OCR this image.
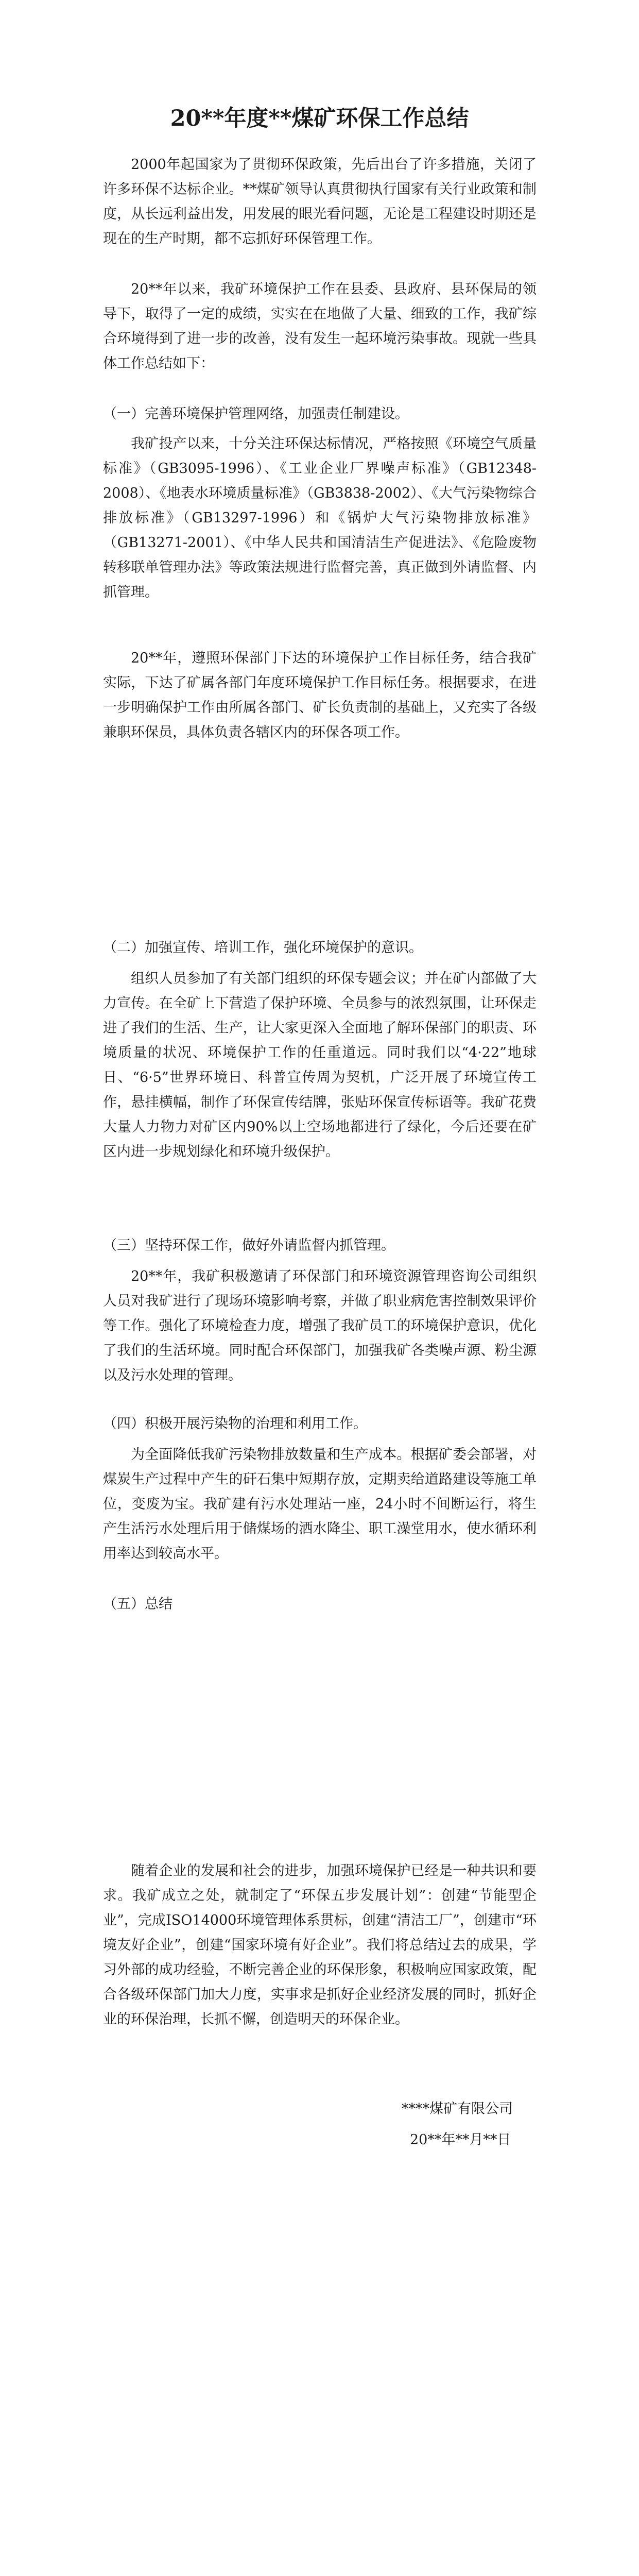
20**年度**煤矿环保工作总结

2000年起国家为了贯彻环保政策，先后出台了许多措施，关闭了许多环保不达标企业。**煤矿领导认真贯彻执行国家有关行业政策和制度，从长远利益出发，用发展的眼光看问题，无论是工程建设时期还是现在的生产时期，都不忘抓好环保管理工作。

20**年以来，我矿环境保护工作在县委、县政府、县环保局的领导下，取得了一定的成绩，实实在在地做了大量、细致的工作，我矿综合环境得到了进一步的改善，没有发生一起环境污染事故。现就一些具体工作总结如下：

（一）完善环境保护管理网络，加强责任制建设。

我矿投产以来，十分关注环保达标情况，严格按照《环境空气质量标准》（GB3095-1996）、《工业企业厂界噪声标准》（GB12348-2008）、《地表水环境质量标准》（GB3838-2002）、《大气污染物综合排放标准》（GB13297-1996）和《锅炉大气污染物排放标准》（GB13271-2001）、《中华人民共和国清洁生产促进法》、《危险废物转移联单管理办法》等政策法规进行监督完善，真正做到外请监督、内抓管理。

20**年，遵照环保部门下达的环境保护工作目标任务，结合我矿实际，下达了矿属各部门年度环境保护工作目标任务。根据要求，在进一步明确保护工作由所属各部门、矿长负责制的基础上，又充实了各级兼职环保员，具体负责各辖区内的环保各项工作。

（二）加强宣传、培训工作，强化环境保护的意识。

组织人员参加了有关部门组织的环保专题会议；并在矿内部做了大力宣传。在全矿上下营造了保护环境、全员参与的浓烈氛围，让环保走进了我们的生活、生产，让大家更深入全面地了解环保部门的职责、环境质量的状况、环境保护工作的任重道远。同时我们以“4·22”地球日、“6·5”世界环境日、科普宣传周为契机，广泛开展了环境宣传工作，悬挂横幅，制作了环保宣传结牌，张贴环保宣传标语等。我矿花费大量人力物力对矿区内90%以上空场地都进行了绿化，今后还要在矿区内进一步规划绿化和环境升级保护。

（三）坚持环保工作，做好外请监督内抓管理。

20**年，我矿积极邀请了环保部门和环境资源管理咨询公司组织人员对我矿进行了现场环境影响考察，并做了职业病危害控制效果评价等工作。强化了环境检查力度，增强了我矿员工的环境保护意识，优化了我们的生活环境。同时配合环保部门，加强我矿各类噪声源、粉尘源以及污水处理的管理。

（四）积极开展污染物的治理和利用工作。

为全面降低我矿污染物排放数量和生产成本。根据矿委会部署，对煤炭生产过程中产生的矸石集中短期存放，定期卖给道路建设等施工单位，变废为宝。我矿建有污水处理站一座，24小时不间断运行，将生产生活污水处理后用于储煤场的洒水降尘、职工澡堂用水，使水循环利用率达到较高水平。

（五）总结

随着企业的发展和社会的进步，加强环境保护已经是一种共识和要求。我矿成立之处，就制定了“环保五步发展计划”：创建“节能型企业”，完成ISO14000环境管理体系贯标，创建“清洁工厂”，创建市“环境友好企业”，创建“国家环境有好企业”。我们将总结过去的成果，学习外部的成功经验，不断完善企业的环保形象，积极响应国家政策，配合各级环保部门加大力度，实事求是抓好企业经济发展的同时，抓好企业的环保治理，长抓不懈，创造明天的环保企业。

****煤矿有限公司
20**年**月**日
